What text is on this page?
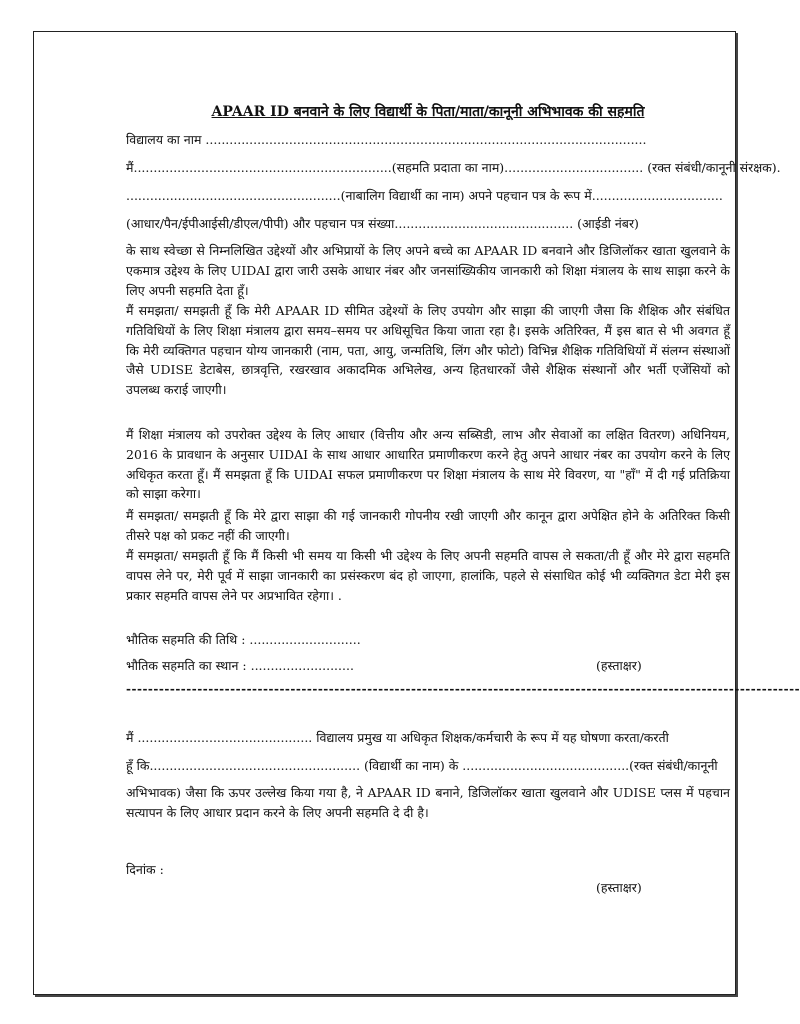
APAAR ID बनवाने के लिए विद्यार्थी के पिता/माता/कानूनी अभिभावक की सहमति
विद्यालय का नाम ...............................................................................................................
मैं.................................................................(सहमति प्रदाता का नाम)................................... (रक्त संबंधी/कानूनी संरक्षक).
......................................................(नाबालिग विद्यार्थी का नाम) अपने पहचान पत्र के रूप में.................................
(आधार/पैन/ईपीआईसी/डीएल/पीपी) और पहचान पत्र संख्या............................................. (आईडी नंबर)
के साथ स्वेच्छा से निम्नलिखित उद्देश्यों और अभिप्रायों के लिए अपने बच्चे का APAAR ID बनवाने और डिजिलॉकर खाता खुलवाने के एकमात्र उद्देश्य के लिए UIDAI द्वारा जारी उसके आधार नंबर और जनसांख्यिकीय जानकारी को शिक्षा मंत्रालय के साथ साझा करने के लिए अपनी सहमति देता हूँ।
मैं समझता/ समझती हूँ कि मेरी APAAR ID सीमित उद्देश्यों के लिए उपयोग और साझा की जाएगी जैसा कि शैक्षिक और संबंधित गतिविधियों के लिए शिक्षा मंत्रालय द्वारा समय–समय पर अधिसूचित किया जाता रहा है। इसके अतिरिक्त, मैं इस बात से भी अवगत हूँ कि मेरी व्यक्तिगत पहचान योग्य जानकारी (नाम, पता, आयु, जन्मतिथि, लिंग और फोटो) विभिन्न शैक्षिक गतिविधियों में संलग्न संस्थाओं जैसे UDISE डेटाबेस, छात्रवृत्ति, रखरखाव अकादमिक अभिलेख, अन्य हितधारकों जैसे शैक्षिक संस्थानों और भर्ती एजेंसियों को उपलब्ध कराई जाएगी।
मैं शिक्षा मंत्रालय को उपरोक्त उद्देश्य के लिए आधार (वित्तीय और अन्य सब्सिडी, लाभ और सेवाओं का लक्षित वितरण) अधिनियम, 2016 के प्रावधान के अनुसार UIDAI के साथ आधार आधारित प्रमाणीकरण करने हेतु अपने आधार नंबर का उपयोग करने के लिए अधिकृत करता हूँ। मैं समझता हूँ कि UIDAI सफल प्रमाणीकरण पर शिक्षा मंत्रालय के साथ मेरे विवरण, या "हाँ" में दी गई प्रतिक्रिया को साझा करेगा।
मैं समझता/ समझती हूँ कि मेरे द्वारा साझा की गई जानकारी गोपनीय रखी जाएगी और कानून द्वारा अपेक्षित होने के अतिरिक्त किसी तीसरे पक्ष को प्रकट नहीं की जाएगी।
मैं समझता/ समझती हूँ कि मैं किसी भी समय या किसी भी उद्देश्य के लिए अपनी सहमति वापस ले सकता/ती हूँ और मेरे द्वारा सहमति वापस लेने पर, मेरी पूर्व में साझा जानकारी का प्रसंस्करण बंद हो जाएगा, हालांकि, पहले से संसाधित कोई भी व्यक्तिगत डेटा मेरी इस प्रकार सहमति वापस लेने पर अप्रभावित रहेगा। .
भौतिक सहमति की तिथि : ............................
भौतिक सहमति का स्थान : ..........................	(हस्ताक्षर)
---------------------------------------------------------------------------------------------------------------------------
मैं ............................................ विद्यालय प्रमुख या अधिकृत शिक्षक/कर्मचारी के रूप में यह घोषणा करता/करती
हूँ कि..................................................... (विद्यार्थी का नाम) के ..........................................(रक्त संबंधी/कानूनी
अभिभावक) जैसा कि ऊपर उल्लेख किया गया है, ने APAAR ID बनाने, डिजिलॉकर खाता खुलवाने और UDISE प्लस में पहचान सत्यापन के लिए आधार प्रदान करने के लिए अपनी सहमति दे दी है।
दिनांक :
(हस्ताक्षर)
